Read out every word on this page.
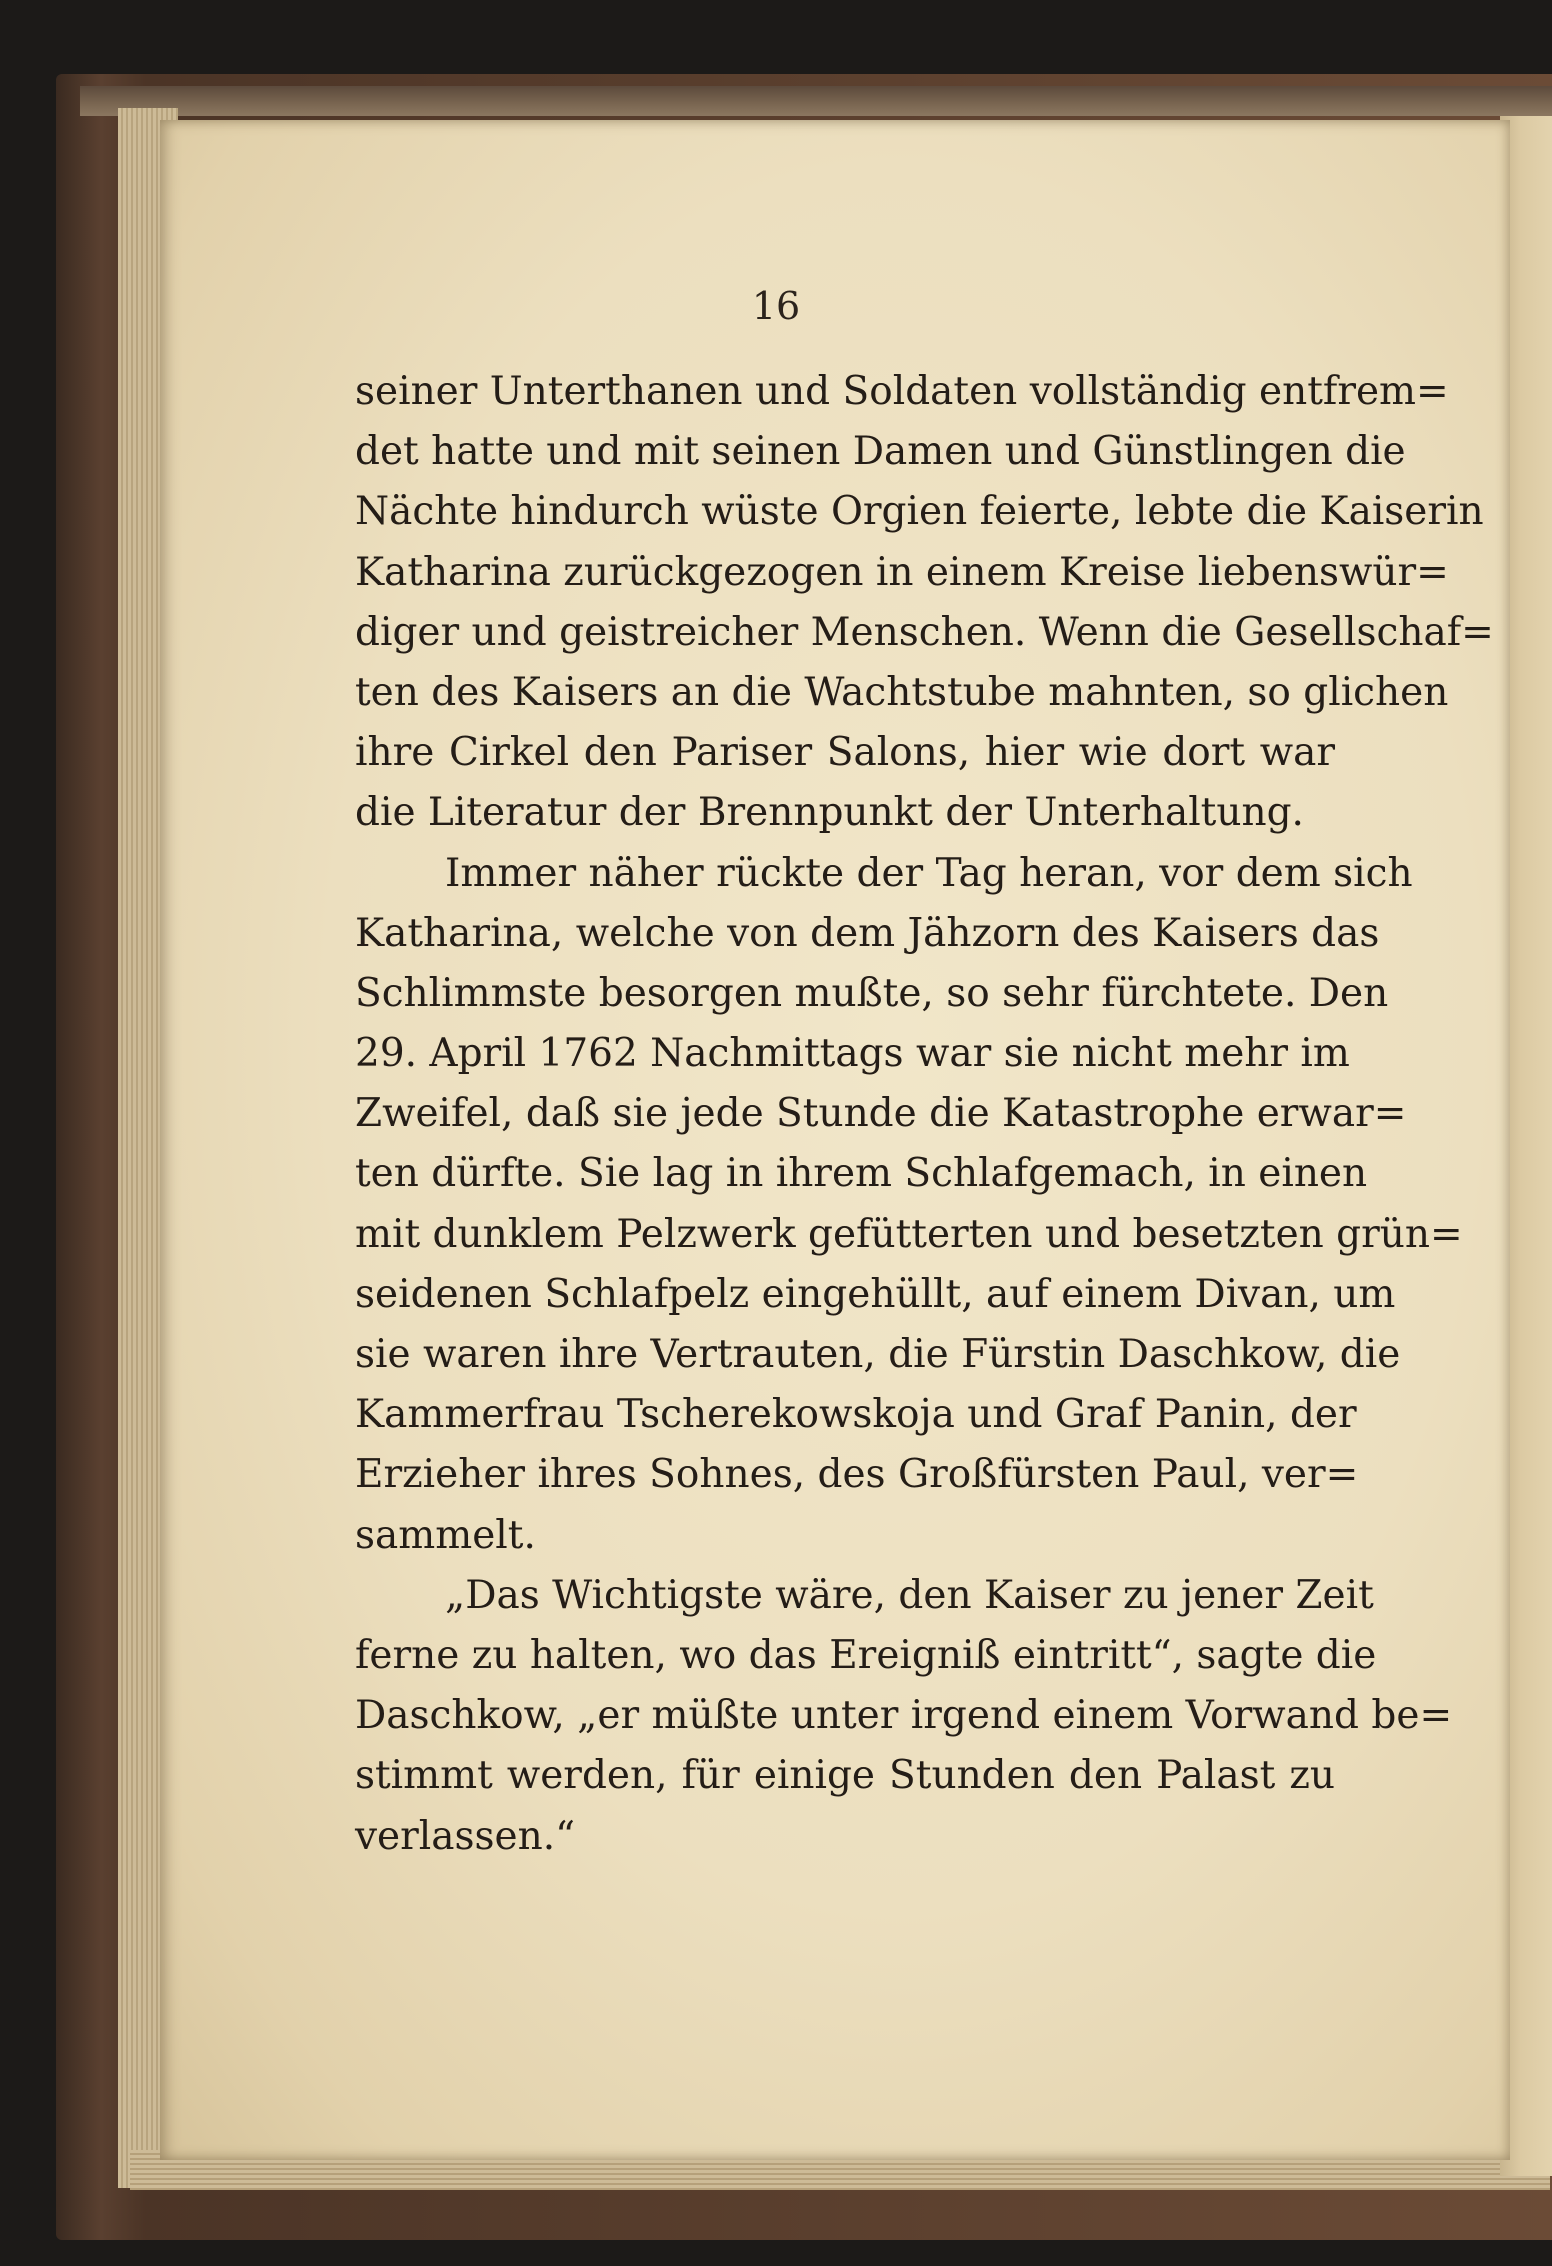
16

seiner Unterthanen und Soldaten vollständig entfrem=
det hatte und mit seinen Damen und Günstlingen die
Nächte hindurch wüste Orgien feierte, lebte die Kaiserin
Katharina zurückgezogen in einem Kreise liebenswür=
diger und geistreicher Menschen. Wenn die Gesellschaf=
ten des Kaisers an die Wachtstube mahnten, so glichen
ihre Cirkel den Pariser Salons, hier wie dort war
die Literatur der Brennpunkt der Unterhaltung.
Immer näher rückte der Tag heran, vor dem sich
Katharina, welche von dem Jähzorn des Kaisers das
Schlimmste besorgen mußte, so sehr fürchtete. Den
29. April 1762 Nachmittags war sie nicht mehr im
Zweifel, daß sie jede Stunde die Katastrophe erwar=
ten dürfte. Sie lag in ihrem Schlafgemach, in einen
mit dunklem Pelzwerk gefütterten und besetzten grün=
seidenen Schlafpelz eingehüllt, auf einem Divan, um
sie waren ihre Vertrauten, die Fürstin Daschkow, die
Kammerfrau Tscherekowskoja und Graf Panin, der
Erzieher ihres Sohnes, des Großfürsten Paul, ver=
sammelt.
„Das Wichtigste wäre, den Kaiser zu jener Zeit
ferne zu halten, wo das Ereigniß eintritt“, sagte die
Daschkow, „er müßte unter irgend einem Vorwand be=
stimmt werden, für einige Stunden den Palast zu
verlassen.“
